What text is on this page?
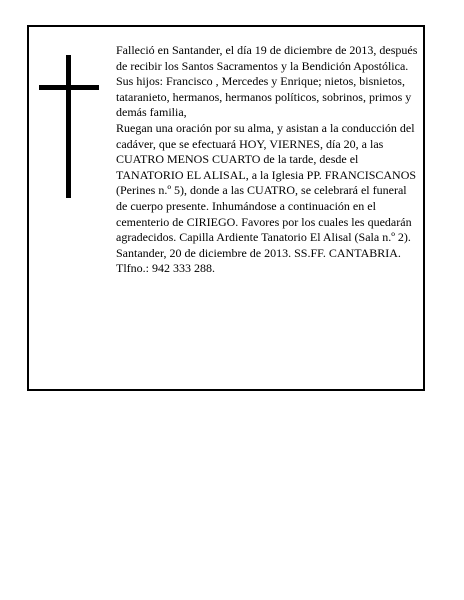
Falleció en Santander, el día 19 de diciembre de 2013, después de recibir los Santos Sacramentos y la Bendición Apostólica.

Sus hijos: Francisco , Mercedes y Enrique; nietos, bisnietos, tataranieto, hermanos, hermanos políticos, sobrinos, primos y demás familia,

Ruegan una oración por su alma, y asistan a la conducción del cadáver, que se efectuará HOY, VIERNES, día 20, a las CUATRO MENOS CUARTO de la tarde, desde el TANATORIO EL ALISAL, a la Iglesia PP. FRANCISCANOS (Perines n.º 5), donde a las CUATRO, se celebrará el funeral de cuerpo presente. Inhumándose a continuación en el cementerio de CIRIEGO. Favores por los cuales les quedarán agradecidos. Capilla Ardiente Tanatorio El Alisal (Sala n.º 2).

Santander, 20 de diciembre de 2013. SS.FF. CANTABRIA. Tlfno.: 942 333 288.
